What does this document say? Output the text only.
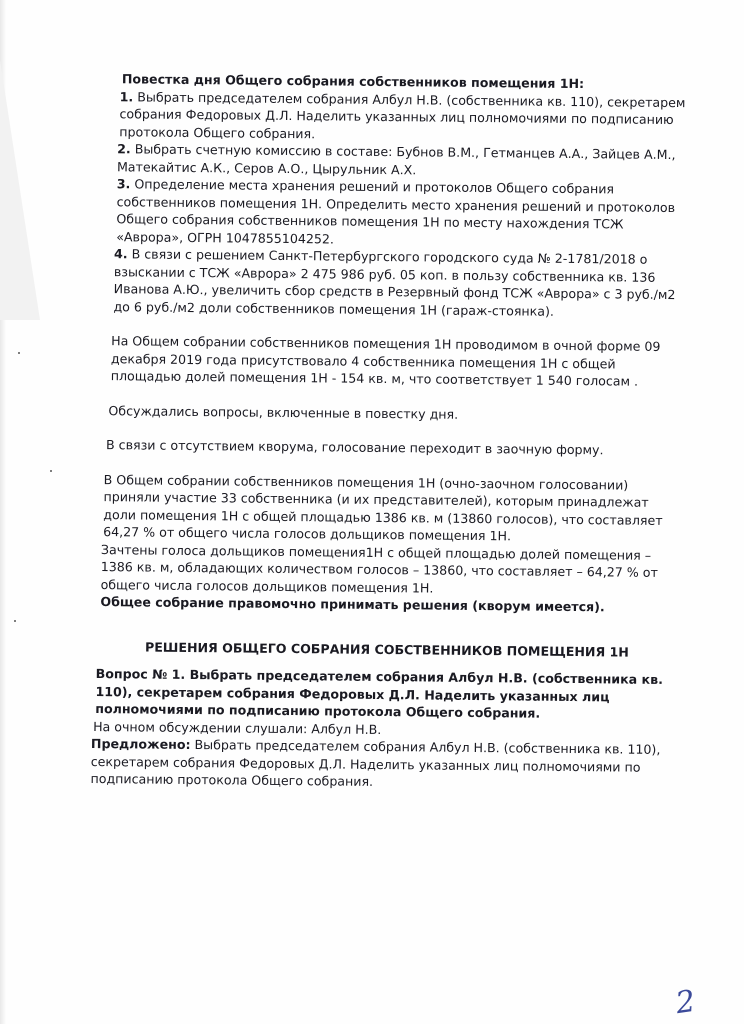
Повестка дня Общего собрания собственников помещения 1Н:

1. Выбрать председателем собрания Албул Н.В. (собственника кв. 110), секретарем собрания Федоровых Д.Л. Наделить указанных лиц полномочиями по подписанию протокола Общего собрания.

2. Выбрать счетную комиссию в составе: Бубнов В.М., Гетманцев А.А., Зайцев А.М., Матекайтис А.К., Серов А.О., Цырульник А.Х.

3. Определение места хранения решений и протоколов Общего собрания собственников помещения 1Н. Определить место хранения решений и протоколов Общего собрания собственников помещения 1Н по месту нахождения ТСЖ «Аврора», ОГРН 1047855104252.

4. В связи с решением Санкт-Петербургского городского суда № 2-1781/2018 о взыскании с ТСЖ «Аврора» 2 475 986 руб. 05 коп. в пользу собственника кв. 136 Иванова А.Ю., увеличить сбор средств в Резервный фонд ТСЖ «Аврора» с 3 руб./м2 до 6 руб./м2 доли собственников помещения 1Н (гараж-стоянка).

На Общем собрании собственников помещения 1Н проводимом в очной форме 09 декабря 2019 года присутствовало 4 собственника помещения 1Н с общей площадью долей помещения 1Н - 154 кв. м, что соответствует 1 540 голосам .

Обсуждались вопросы, включенные в повестку дня.

В связи с отсутствием кворума, голосование переходит в заочную форму.

В Общем собрании собственников помещения 1Н (очно-заочном голосовании) приняли участие 33 собственника (и их представителей), которым принадлежат доли помещения 1Н с общей площадью 1386 кв. м (13860 голосов), что составляет 64,27 % от общего числа голосов дольщиков помещения 1Н.

Зачтены голоса дольщиков помещения1Н с общей площадью долей помещения – 1386 кв. м, обладающих количеством голосов – 13860, что составляет – 64,27 % от общего числа голосов дольщиков помещения 1Н.

Общее собрание правомочно принимать решения (кворум имеется).

РЕШЕНИЯ ОБЩЕГО СОБРАНИЯ СОБСТВЕННИКОВ ПОМЕЩЕНИЯ 1Н

Вопрос № 1. Выбрать председателем собрания Албул Н.В. (собственника кв. 110), секретарем собрания Федоровых Д.Л. Наделить указанных лиц полномочиями по подписанию протокола Общего собрания.

На очном обсуждении слушали: Албул Н.В.

Предложено: Выбрать председателем собрания Албул Н.В. (собственника кв. 110), секретарем собрания Федоровых Д.Л. Наделить указанных лиц полномочиями по подписанию протокола Общего собрания.

2
